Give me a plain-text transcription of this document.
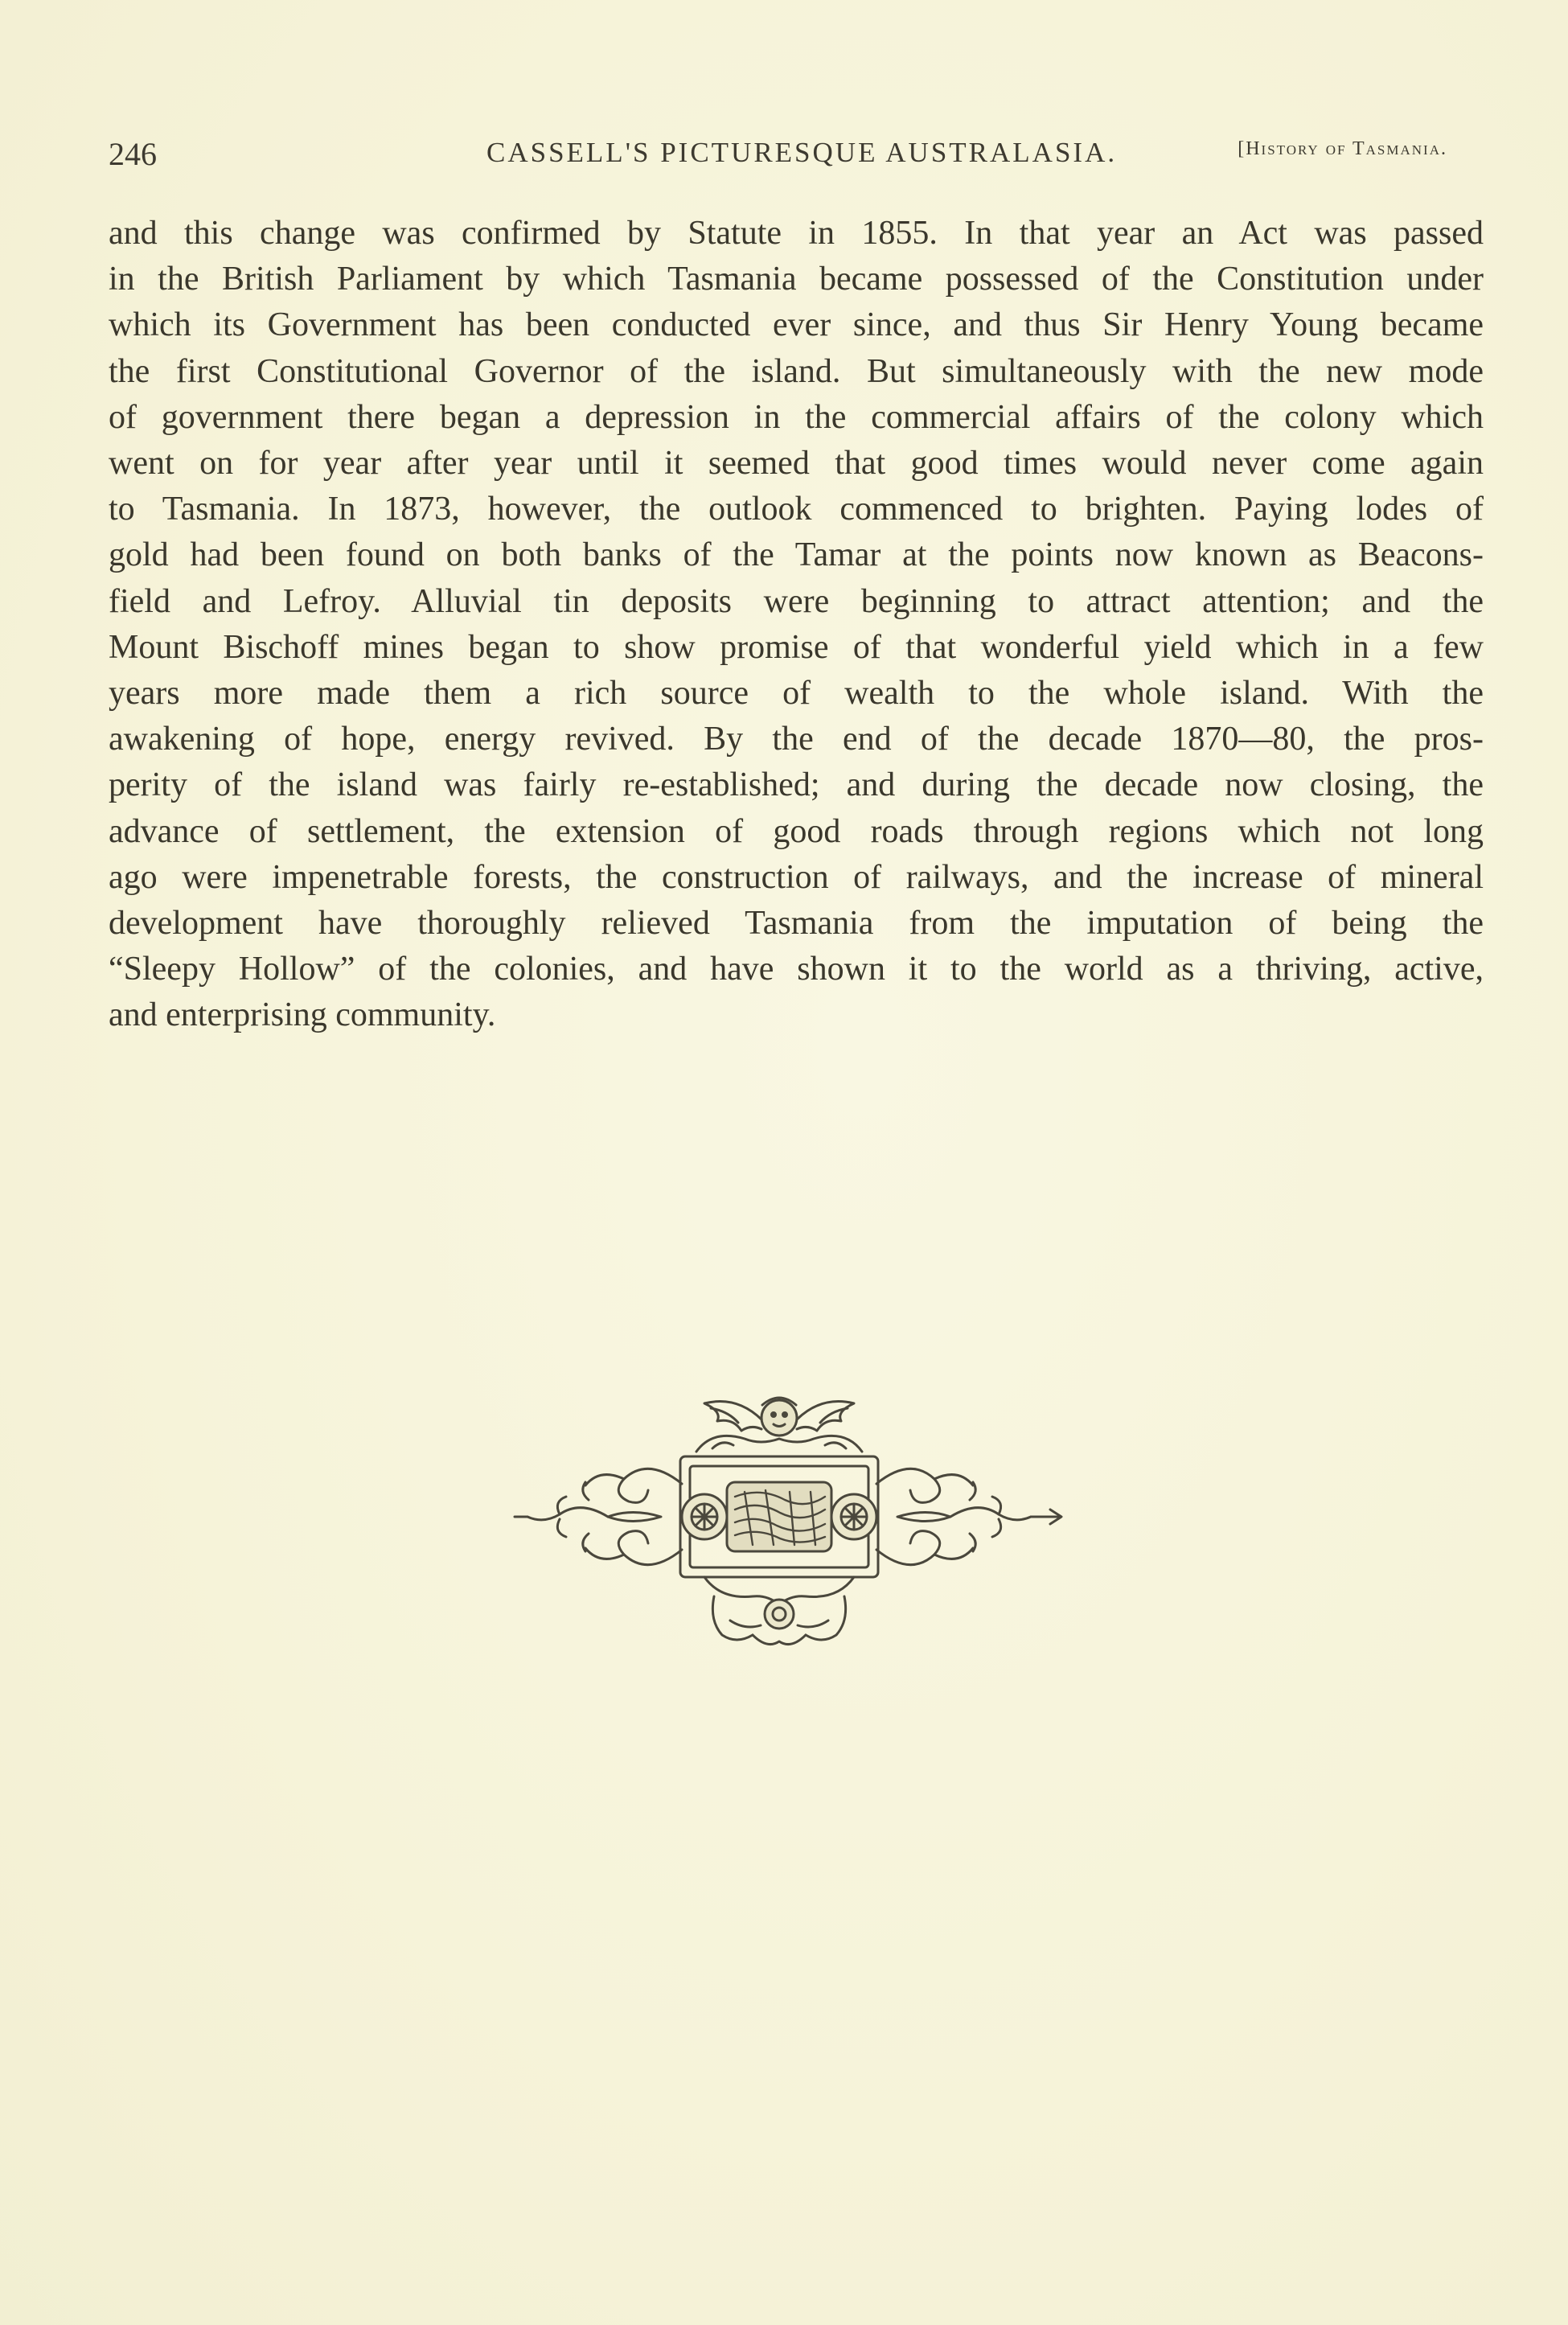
246	CASSELL'S PICTURESQUE AUSTRALASIA.	[History of Tasmania.
and this change was confirmed by Statute in 1855. In that year an Act was passed
in the British Parliament by which Tasmania became possessed of the Constitution under
which its Government has been conducted ever since, and thus Sir Henry Young became
the first Constitutional Governor of the island. But simultaneously with the new mode
of government there began a depression in the commercial affairs of the colony which
went on for year after year until it seemed that good times would never come again
to Tasmania. In 1873, however, the outlook commenced to brighten. Paying lodes of
gold had been found on both banks of the Tamar at the points now known as Beacons-
field and Lefroy. Alluvial tin deposits were beginning to attract attention; and the
Mount Bischoff mines began to show promise of that wonderful yield which in a few
years more made them a rich source of wealth to the whole island. With the
awakening of hope, energy revived. By the end of the decade 1870—80, the pros-
perity of the island was fairly re-established; and during the decade now closing, the
advance of settlement, the extension of good roads through regions which not long
ago were impenetrable forests, the construction of railways, and the increase of mineral
development have thoroughly relieved Tasmania from the imputation of being the
“Sleepy Hollow” of the colonies, and have shown it to the world as a thriving, active,
and enterprising community.
